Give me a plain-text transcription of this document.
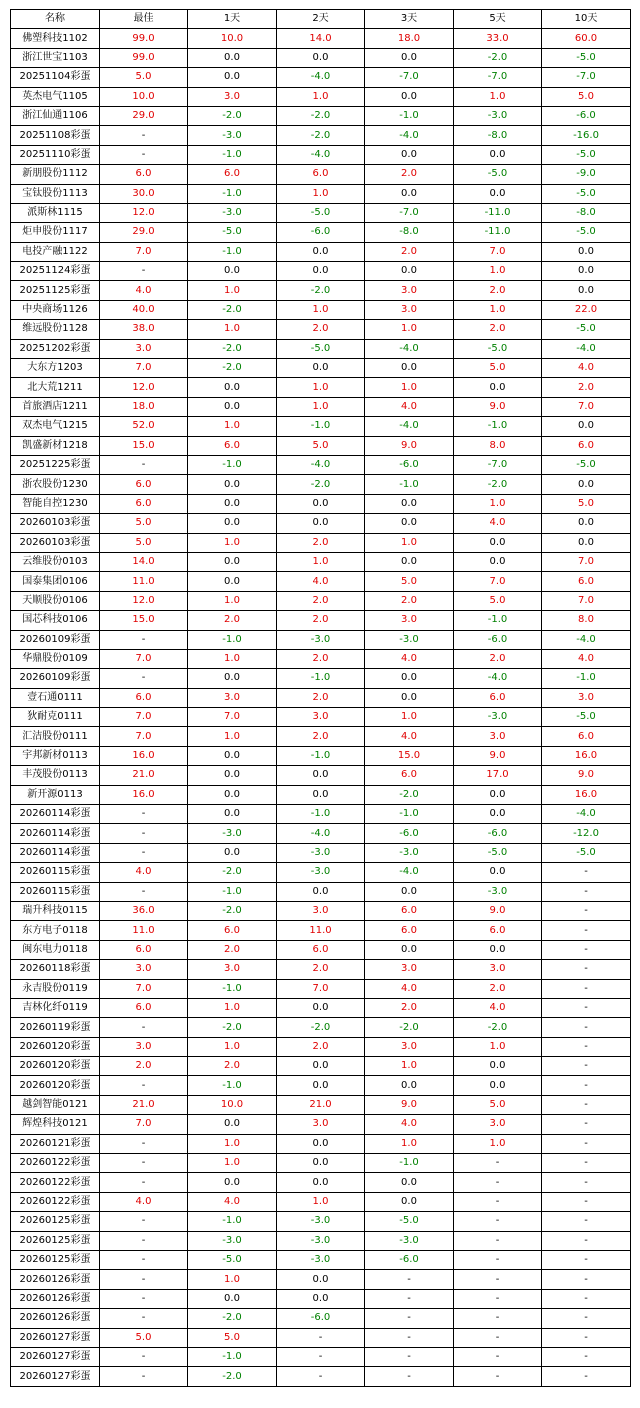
名称	最佳	1天	2天	3天	5天	10天
佛塑科技1102	99.0	10.0	14.0	18.0	33.0	60.0
浙江世宝1103	99.0	0.0	0.0	0.0	-2.0	-5.0
20251104彩蛋	5.0	0.0	-4.0	-7.0	-7.0	-7.0
英杰电气1105	10.0	3.0	1.0	0.0	1.0	5.0
浙江仙通1106	29.0	-2.0	-2.0	-1.0	-3.0	-6.0
20251108彩蛋	-	-3.0	-2.0	-4.0	-8.0	-16.0
20251110彩蛋	-	-1.0	-4.0	0.0	0.0	-5.0
新朋股份1112	6.0	6.0	6.0	2.0	-5.0	-9.0
宝钛股份1113	30.0	-1.0	1.0	0.0	0.0	-5.0
派斯林1115	12.0	-3.0	-5.0	-7.0	-11.0	-8.0
炬申股份1117	29.0	-5.0	-6.0	-8.0	-11.0	-5.0
电投产融1122	7.0	-1.0	0.0	2.0	7.0	0.0
20251124彩蛋	-	0.0	0.0	0.0	1.0	0.0
20251125彩蛋	4.0	1.0	-2.0	3.0	2.0	0.0
中央商场1126	40.0	-2.0	1.0	3.0	1.0	22.0
维远股份1128	38.0	1.0	2.0	1.0	2.0	-5.0
20251202彩蛋	3.0	-2.0	-5.0	-4.0	-5.0	-4.0
大东方1203	7.0	-2.0	0.0	0.0	5.0	4.0
北大荒1211	12.0	0.0	1.0	1.0	0.0	2.0
首旅酒店1211	18.0	0.0	1.0	4.0	9.0	7.0
双杰电气1215	52.0	1.0	-1.0	-4.0	-1.0	0.0
凯盛新材1218	15.0	6.0	5.0	9.0	8.0	6.0
20251225彩蛋	-	-1.0	-4.0	-6.0	-7.0	-5.0
浙农股份1230	6.0	0.0	-2.0	-1.0	-2.0	0.0
智能自控1230	6.0	0.0	0.0	0.0	1.0	5.0
20260103彩蛋	5.0	0.0	0.0	0.0	4.0	0.0
20260103彩蛋	5.0	1.0	2.0	1.0	0.0	0.0
云维股份0103	14.0	0.0	1.0	0.0	0.0	7.0
国泰集团0106	11.0	0.0	4.0	5.0	7.0	6.0
天顺股份0106	12.0	1.0	2.0	2.0	5.0	7.0
国芯科技0106	15.0	2.0	2.0	3.0	-1.0	8.0
20260109彩蛋	-	-1.0	-3.0	-3.0	-6.0	-4.0
华鼎股份0109	7.0	1.0	2.0	4.0	2.0	4.0
20260109彩蛋	-	0.0	-1.0	0.0	-4.0	-1.0
壹石通0111	6.0	3.0	2.0	0.0	6.0	3.0
狄耐克0111	7.0	7.0	3.0	1.0	-3.0	-5.0
汇洁股份0111	7.0	1.0	2.0	4.0	3.0	6.0
宇邦新材0113	16.0	0.0	-1.0	15.0	9.0	16.0
丰茂股份0113	21.0	0.0	0.0	6.0	17.0	9.0
新开源0113	16.0	0.0	0.0	-2.0	0.0	16.0
20260114彩蛋	-	0.0	-1.0	-1.0	0.0	-4.0
20260114彩蛋	-	-3.0	-4.0	-6.0	-6.0	-12.0
20260114彩蛋	-	0.0	-3.0	-3.0	-5.0	-5.0
20260115彩蛋	4.0	-2.0	-3.0	-4.0	0.0	-
20260115彩蛋	-	-1.0	0.0	0.0	-3.0	-
瑞升科技0115	36.0	-2.0	3.0	6.0	9.0	-
东方电子0118	11.0	6.0	11.0	6.0	6.0	-
闽东电力0118	6.0	2.0	6.0	0.0	0.0	-
20260118彩蛋	3.0	3.0	2.0	3.0	3.0	-
永吉股份0119	7.0	-1.0	7.0	4.0	2.0	-
吉林化纤0119	6.0	1.0	0.0	2.0	4.0	-
20260119彩蛋	-	-2.0	-2.0	-2.0	-2.0	-
20260120彩蛋	3.0	1.0	2.0	3.0	1.0	-
20260120彩蛋	2.0	2.0	0.0	1.0	0.0	-
20260120彩蛋	-	-1.0	0.0	0.0	0.0	-
越剑智能0121	21.0	10.0	21.0	9.0	5.0	-
辉煌科技0121	7.0	0.0	3.0	4.0	3.0	-
20260121彩蛋	-	1.0	0.0	1.0	1.0	-
20260122彩蛋	-	1.0	0.0	-1.0	-	-
20260122彩蛋	-	0.0	0.0	0.0	-	-
20260122彩蛋	4.0	4.0	1.0	0.0	-	-
20260125彩蛋	-	-1.0	-3.0	-5.0	-	-
20260125彩蛋	-	-3.0	-3.0	-3.0	-	-
20260125彩蛋	-	-5.0	-3.0	-6.0	-	-
20260126彩蛋	-	1.0	0.0	-	-	-
20260126彩蛋	-	0.0	0.0	-	-	-
20260126彩蛋	-	-2.0	-6.0	-	-	-
20260127彩蛋	5.0	5.0	-	-	-	-
20260127彩蛋	-	-1.0	-	-	-	-
20260127彩蛋	-	-2.0	-	-	-	-
